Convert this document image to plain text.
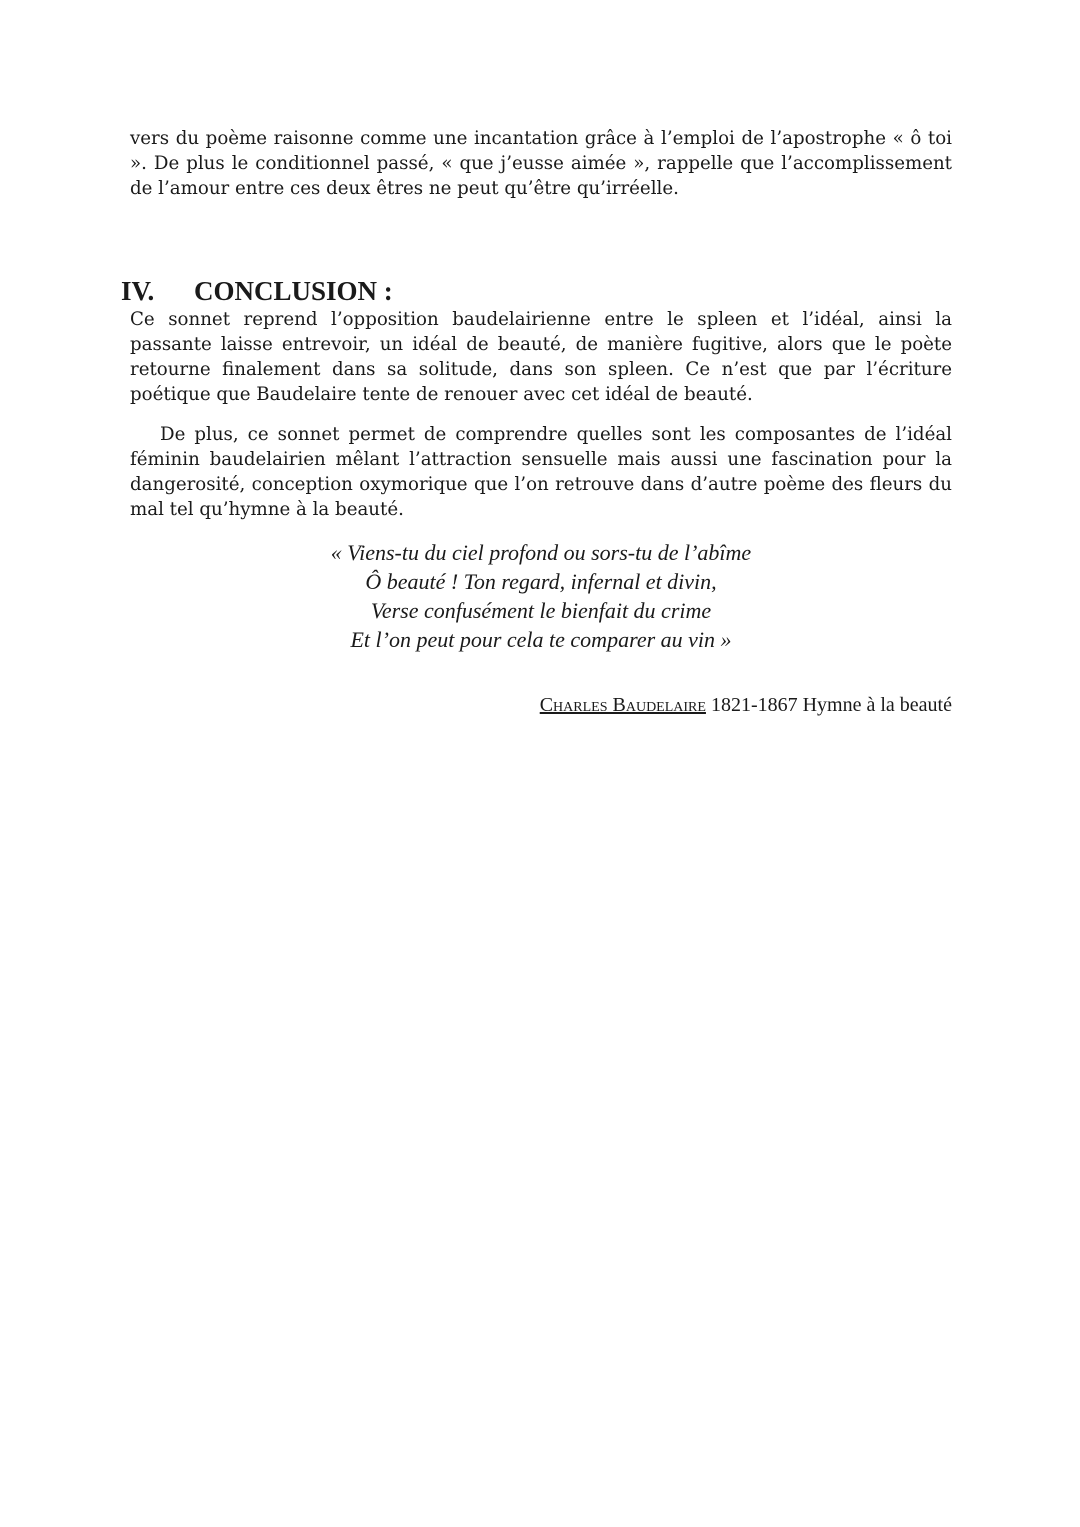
vers du poème raisonne comme une incantation grâce à l’emploi de l’apostrophe « ô toi ». De plus le conditionnel passé, « que j’eusse aimée », rappelle que l’accomplissement de l’amour entre ces deux êtres ne peut qu’être qu’irréelle.

IV.	CONCLUSION :

Ce sonnet reprend l’opposition baudelairienne entre le spleen et l’idéal, ainsi la passante laisse entrevoir, un idéal de beauté, de manière fugitive, alors que le poète retourne finalement dans sa solitude, dans son spleen. Ce n’est que par l’écriture poétique que Baudelaire tente de renouer avec cet idéal de beauté.

De plus, ce sonnet permet de comprendre quelles sont les composantes de l’idéal féminin baudelairien mêlant l’attraction sensuelle mais aussi une fascination pour la dangerosité, conception oxymorique que l’on retrouve dans d’autre poème des fleurs du mal tel qu’hymne à la beauté.

« Viens-tu du ciel profond ou sors-tu de l’abîme
Ô beauté ! Ton regard, infernal et divin,
Verse confusément le bienfait du crime
Et l’on peut pour cela te comparer au vin »
Charles Baudelaire 1821-1867 Hymne à la beauté
